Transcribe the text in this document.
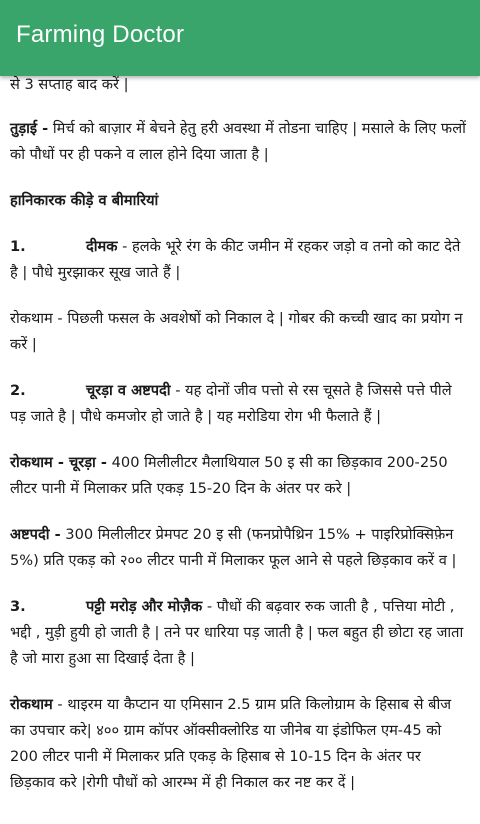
Farming Doctor

से 3 सप्ताह बाद करें |

तुड़ाई - मिर्च को बाज़ार में बेचने हेतु हरी अवस्था में तोडना चाहिए | मसाले के लिए फलों को पौधों पर ही पकने व लाल होने दिया जाता है |

हानिकारक कीड़े व बीमारियां

1.	दीमक - हलके भूरे रंग के कीट जमीन में रहकर जड़ो व तनो को काट देते है | पौधे मुरझाकर सूख जाते हैं |

रोकथाम - पिछली फसल के अवशेषों को निकाल दे | गोबर की कच्ची खाद का प्रयोग न करें |

2.	चूरड़ा व अष्टपदी - यह दोनों जीव पत्तो से रस चूसते है जिससे पत्ते पीले पड़ जाते है | पौधे कमजोर हो जाते है | यह मरोडिया रोग भी फैलाते हैं |

रोकथाम - चूरड़ा - 400 मिलीलीटर मैलाथियाल 50 इ सी का छिड़काव 200-250 लीटर पानी में मिलाकर प्रति एकड़ 15-20 दिन के अंतर पर करे |

अष्टपदी - 300 मिलीलीटर प्रेमपट 20 इ सी (फनप्रोपैथ्रिन 15% + पाइरिप्रोक्सिफ़ेन 5%) प्रति एकड़ को २०० लीटर पानी में मिलाकर फूल आने से पहले छिड़काव करें व |

3.	पट्टी मरोड़ और मोज़ैक - पौधों की बढ़वार रुक जाती है , पत्तिया मोटी , भद्दी , मुड़ी हुयी हो जाती है | तने पर धारिया पड़ जाती है | फल बहुत ही छोटा रह जाता है जो मारा हुआ सा दिखाई देता है |

रोकथाम - थाइरम या कैप्टान या एमिसान 2.5 ग्राम प्रति किलोग्राम के हिसाब से बीज का उपचार करे| ४०० ग्राम कॉपर ऑक्सीक्लोरिड या जीनेब या इंडोफिल एम-45 को 200 लीटर पानी में मिलाकर प्रति एकड़ के हिसाब से 10-15 दिन के अंतर पर छिड़काव करे |रोगी पौधों को आरम्भ में ही निकाल कर नष्ट कर दें |
